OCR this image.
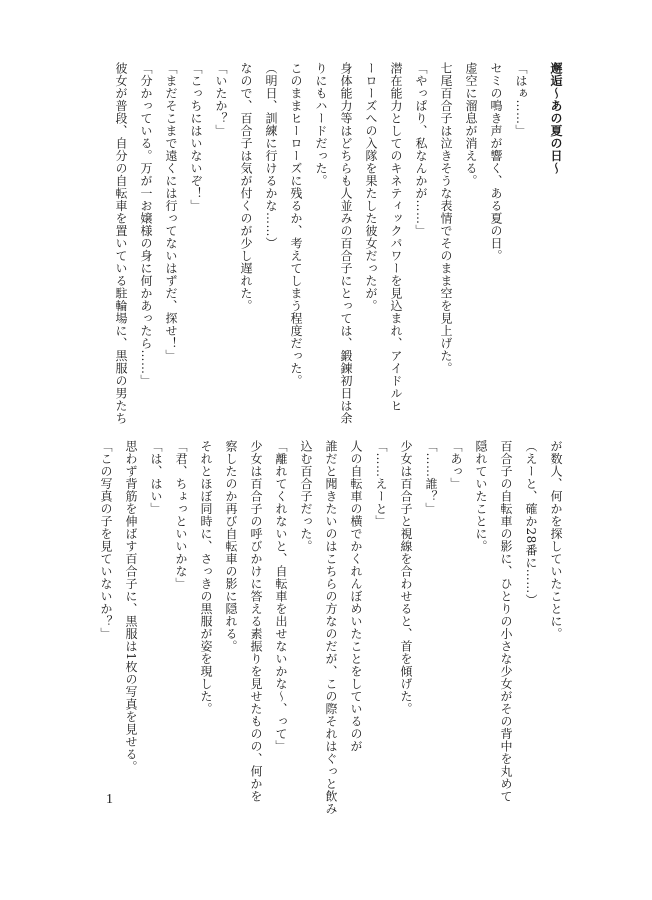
邂逅〜あの夏の日〜
「はぁ……」
セミの鳴き声が響く、ある夏の日。
虚空に溜息が消える。
七尾百合子は泣きそうな表情でそのまま空を見上げた。
「やっぱり、私なんかが……」
潜在能力としてのキネティックパワーを見込まれ、アイドルヒ
ーローズへの入隊を果たした彼女だったが。
身体能力等はどちらも人並みの百合子にとっては、鍛錬初日は余
りにもハードだった。
このままヒーローズに残るか、考えてしまう程度だった。
（明日、訓練に行けるかな……）
なので、百合子は気が付くのが少し遅れた。
「いたか？」
「こっちにはいないぞ！」
「まだそこまで遠くには行ってないはずだ、探せ！」
「分かっている。万が一お嬢様の身に何かあったら……」
彼女が普段、自分の自転車を置いている駐輪場に、黒服の男たち
が数人、何かを探していたことに。
（えーと、確か28番に……）
百合子の自転車の影に、ひとりの小さな少女がその背中を丸めて
隠れていたことに。
「あっ」
「……誰？」
少女は百合子と視線を合わせると、首を傾げた。
「……えーと」
人の自転車の横でかくれんぼめいたことをしているのが
誰だと聞きたいのはこちらの方なのだが、この際それはぐっと飲み
込む百合子だった。
「離れてくれないと、自転車を出せないかな〜、って」
少女は百合子の呼びかけに答える素振りを見せたものの、何かを
察したのか再び自転車の影に隠れる。
それとほぼ同時に、さっきの黒服が姿を現した。
「君、ちょっといいかな」
「は、はい」
思わず背筋を伸ばす百合子に、黒服は1枚の写真を見せる。
「この写真の子を見ていないか？」
1
